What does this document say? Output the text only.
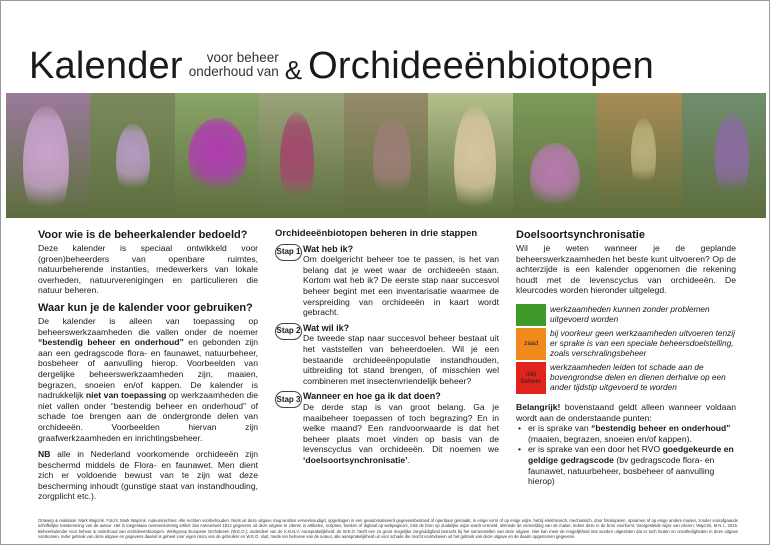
Kalender	voor beheer
onderhoud van & Orchideeënbiotopen
Voor wie is de beheerkalender bedoeld?

Deze kalender is speciaal ontwikkeld voor (groen)beheerders van openbare ruimtes, natuurbeherende instanties, medewerkers van lokale overheden, natuurverenigingen en particulieren die natuur beheren.

Waar kun je de kalender voor gebruiken?

De kalender is alleen van toepassing op beheerswerkzaamheden die vallen onder de noemer “bestendig beheer en onderhoud” en gebonden zijn aan een gedragscode flora- en faunawet, natuurbeheer, bosbeheer of aanvulling hierop. Voorbeelden van dergelijke beheerswerkzaamheden zijn, maaien, begrazen, snoeien en/of kappen. De kalender is nadrukkelijk niet van toepassing op werkzaamheden die niet vallen onder “bestendig beheer en onderhoud” of schade toe brengen aan de ondergronde delen van orchideeën. Voorbeelden hiervan zijn graafwerkzaamheden en inrichtingsbeheer.

NB alle in Nederland voorkomende orchideeën zijn beschermd middels de Flora- en faunawet. Men dient zich er voldoende bewust van te zijn wat deze bescherming inhoudt (gunstige staat van instandhouding, zorgplicht etc.).

Orchideeënbiotopen beheren in drie stappen
Stap 1 Wat heb ik?

Om doelgericht beheer toe te passen, is het van belang dat je weet waar de orchideeën staan. Kortom wat heb ik? De eerste stap naar succesvol beheer begint met een inventarisatie waarmee de verspreiding van orchideeën in kaart wordt gebracht.

Stap 2 Wat wil ik?

De tweede stap naar succesvol beheer bestaat uit het vaststellen van beheerdoelen. Wil je een bestaande orchideeënpopulatie instandhouden, uitbreiding tot stand brengen, of misschien wel combineren met insectenvriendelijk beheer?

Stap 3 Wanneer en hoe ga ik dat doen?

De derde stap is van groot belang. Ga je maaibeheer toepassen of toch begrazing? En in welke maand? Een randvoorwaarde is dat het beheer plaats moet vinden op basis van de levenscyclus van orchideeën. Dit noemen we ‘doelsoortsynchronisatie’.

Doelsoortsynchronisatie

Wil je weten wanneer je de geplande beheerswerkzaamheden het beste kunt uitvoeren? Op de achterzijde is een kalender opgenomen die rekening houdt met de levenscyclus van orchideeën. De kleurcodes worden hieronder uitgelegd.

werkzaamheden kunnen zonder problemen uitgevoerd worden
zaad
bij voorkeur geen werkzaamheden uitvoeren tenzij er sprake is van een speciale beheersdoelstelling, zoals verschralingsbeheer
niet beheer
werkzaamheden leiden tot schade aan de bovengrondse delen en dienen derhalve op een ander tijdstip uitgevoerd te worden

Belangrijk! bovenstaand geldt alleen wanneer voldaan wordt aan de onderstaande punten:

• er is sprake van “bestendig beheer en onderhoud” (maaien, begrazen, snoeien en/of kappen).
• er is sprake van een door het RVO goedgekeurde en geldige gedragscode (bv gedragscode flora- en faunawet, natuurbeheer, bosbeheer of aanvulling hierop)
Ontwerp & realisatie: Mark Wajcrnk. Foto's: Mark Wajcrnk. Auteursrechten: Alle rechten voorbehouden. Niets uit deze uitgave mag worden verveelvoudigd, opgeslagen in een geautomatiseerd gegevensbestand of openbaar gemaakt, in enige vorm of op enige wijze, hetzij elektronisch, mechanisch, door fotokopieën, opnamen of op enige andere manier, zonder voorafgaande schriftelijke toestemming van de auteur. Het is toegestaan overeenkomstig artikel 15a Auteurswet 1912 gegevens uit deze uitgave te citeren in artikelen, scripties, boeken of digitaal op webpagina's, mits de bron op duidelijke wijze wordt vermeld, alsmede de vermelding van de maker, indien deze in de bron voorkomt. Voorgestelde wijze van citeren: Wajcrnk, M.N.I., 2015. Beheerkalender voor beheer & onderhoud van orchideeënbiotopen. Werkgroep Europese Orchideeën (W.E.O.), onderdeel van de K.N.N.V. Aansprakelijkheid: de W.E.O. heeft een zo groot mogelijke zorgvuldigheid betracht bij het samenstellen van deze uitgave. Niet kan meer de mogelijkheid niet worden uitgesloten dat er toch fouten en onvolledigheden in deze uitgave voorkomen. Ieder gebruik van deze uitgave en gegevens daaruit is geheel voor eigen risico van de gebruiker en W.E.O. sluit, mede ten behoeve van de auteur, alle aansprakelijkheid uit voor schade die mocht voortvloeien uit het gebruik van deze uitgave en de daarin opgenomen gegevens.
